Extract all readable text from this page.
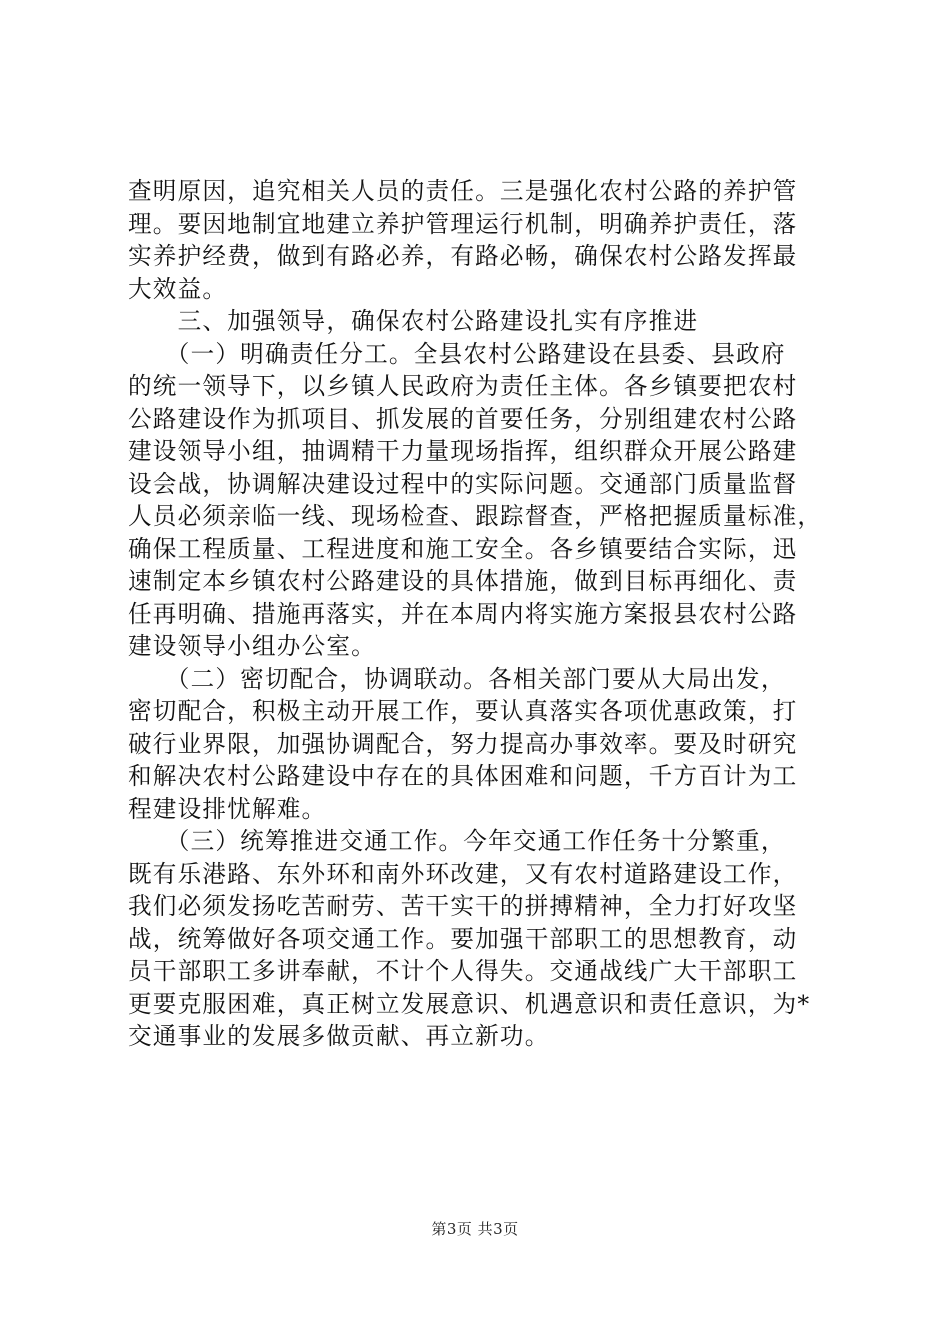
查明原因，追究相关人员的责任。三是强化农村公路的养护管
理。要因地制宜地建立养护管理运行机制，明确养护责任，落
实养护经费，做到有路必养，有路必畅，确保农村公路发挥最
大效益。
　　三、加强领导，确保农村公路建设扎实有序推进
　　（一）明确责任分工。全县农村公路建设在县委、县政府
的统一领导下，以乡镇人民政府为责任主体。各乡镇要把农村
公路建设作为抓项目、抓发展的首要任务，分别组建农村公路
建设领导小组，抽调精干力量现场指挥，组织群众开展公路建
设会战，协调解决建设过程中的实际问题。交通部门质量监督
人员必须亲临一线、现场检查、跟踪督查，严格把握质量标准，
确保工程质量、工程进度和施工安全。各乡镇要结合实际，迅
速制定本乡镇农村公路建设的具体措施，做到目标再细化、责
任再明确、措施再落实，并在本周内将实施方案报县农村公路
建设领导小组办公室。
　　（二）密切配合，协调联动。各相关部门要从大局出发，
密切配合，积极主动开展工作，要认真落实各项优惠政策，打
破行业界限，加强协调配合，努力提高办事效率。要及时研究
和解决农村公路建设中存在的具体困难和问题，千方百计为工
程建设排忧解难。
　　（三）统筹推进交通工作。今年交通工作任务十分繁重，
既有乐港路、东外环和南外环改建，又有农村道路建设工作，
我们必须发扬吃苦耐劳、苦干实干的拼搏精神，全力打好攻坚
战，统筹做好各项交通工作。要加强干部职工的思想教育，动
员干部职工多讲奉献，不计个人得失。交通战线广大干部职工
更要克服困难，真正树立发展意识、机遇意识和责任意识，为*
交通事业的发展多做贡献、再立新功。
第3页 共3页
